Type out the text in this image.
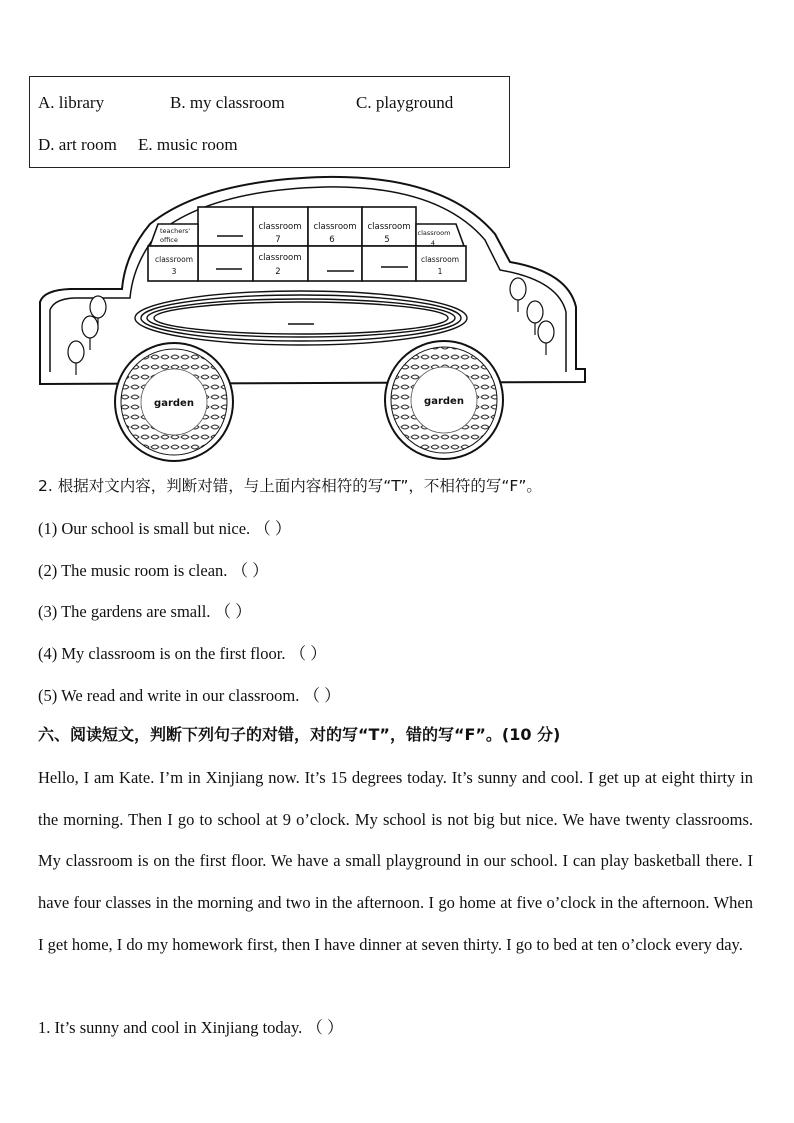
A. library	B. my classroom	C. playground
D. art room E. music room
teachers'
office
classroom
7
classroom
6
classroom
5
classroom
4
classroom
3
classroom
2
classroom
1
garden	garden
2. 根据对文内容，判断对错，与上面内容相符的写“T”，不相符的写“F”。
(1) Our school is small but nice. （ ）
(2) The music room is clean. （ ）
(3) The gardens are small. （ ）
(4) My classroom is on the first floor. （ ）
(5) We read and write in our classroom. （ ）
六、阅读短文，判断下列句子的对错，对的写“T”，错的写“F”。(10 分)
Hello, I am Kate. I’m in Xinjiang now. It’s 15 degrees today. It’s sunny and cool. I get up at eight thirty in the morning. Then I go to school at 9 o’clock. My school is not big but nice. We have twenty classrooms. My classroom is on the first floor. We have a small playground in our school. I can play basketball there. I have four classes in the morning and two in the afternoon. I go home at five o’clock in the afternoon. When I get home, I do my homework first, then I have dinner at seven thirty. I go to bed at ten o’clock every day.
1. It’s sunny and cool in Xinjiang today. （ ）
